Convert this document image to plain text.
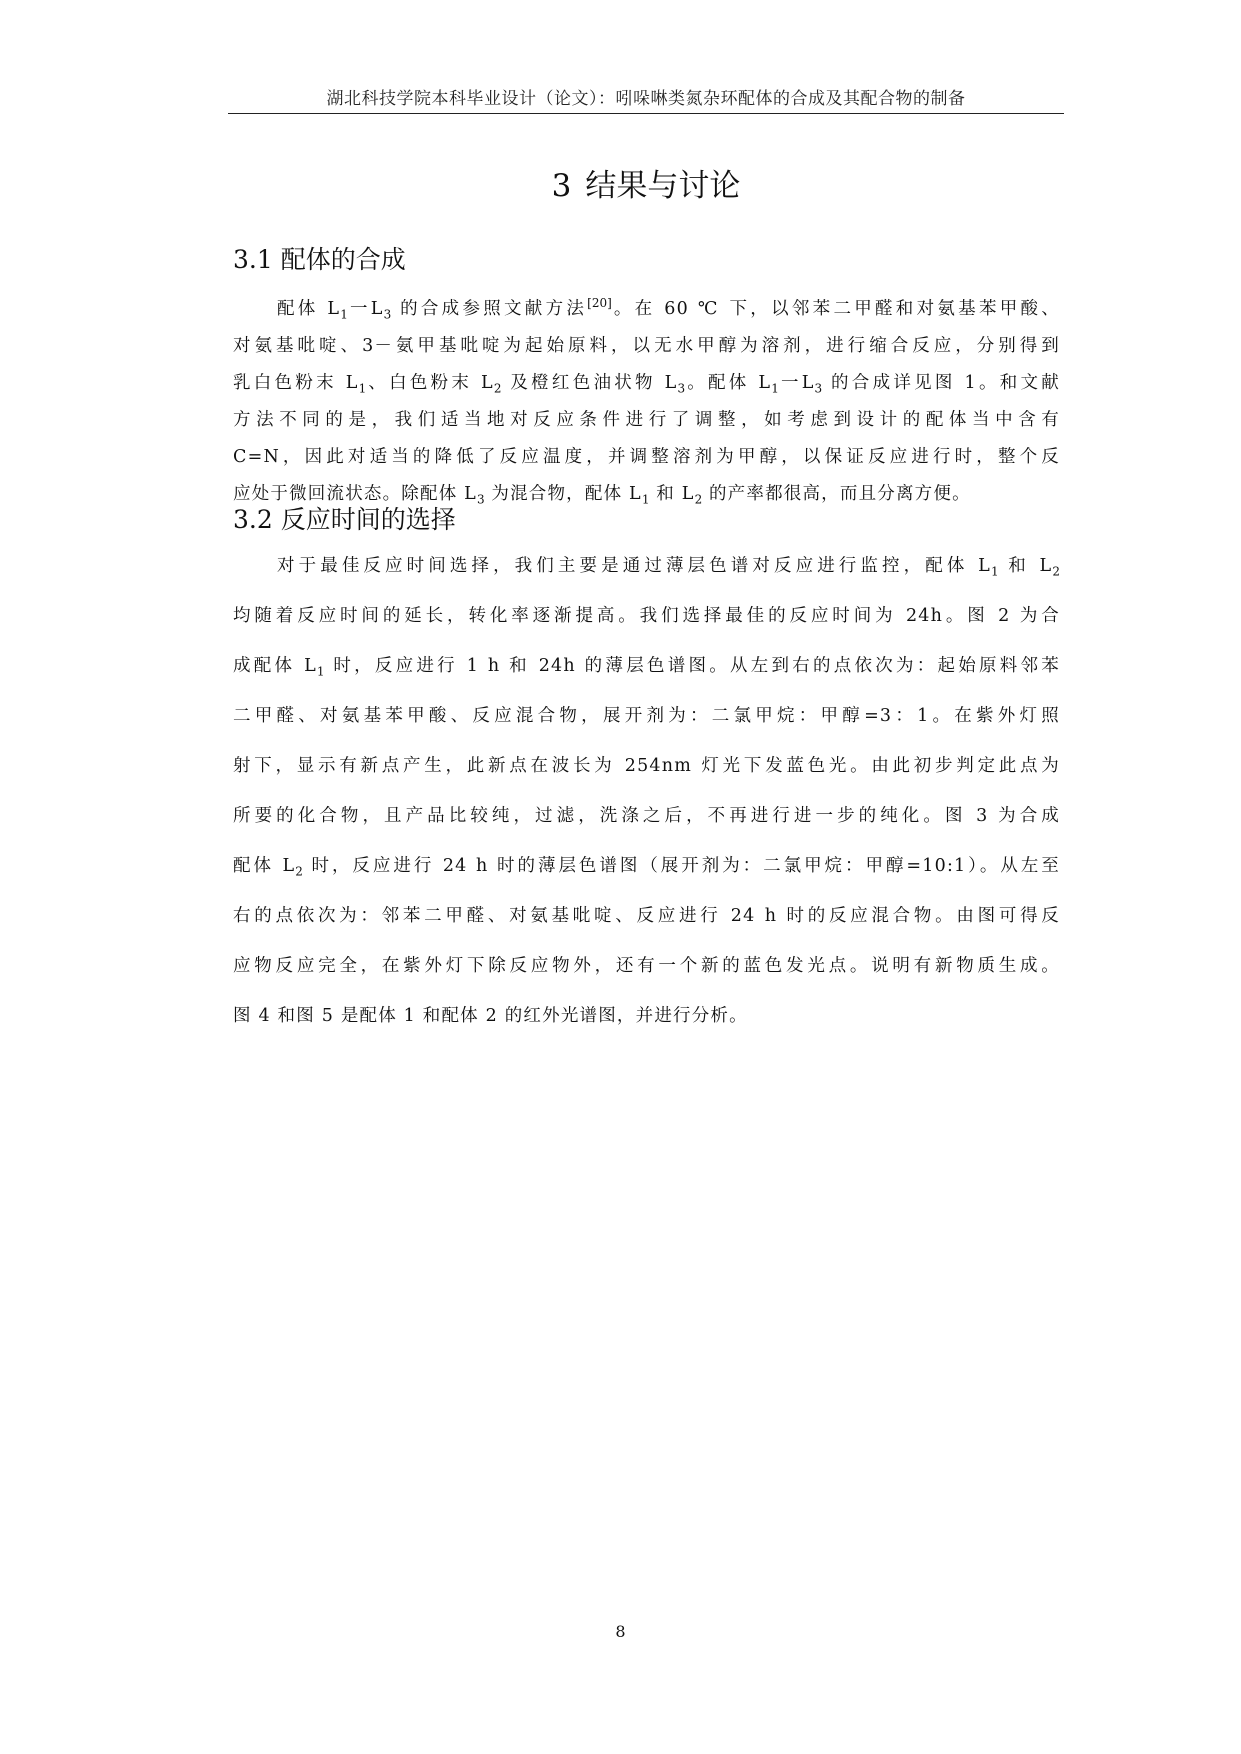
湖北科技学院本科毕业设计（论文）：吲哚啉类氮杂环配体的合成及其配合物的制备
3 结果与讨论
3.1 配体的合成
配体 $L_1$一$L_3$ 的合成参照文献方法[20]。在 60 ℃ 下，以邻苯二甲醛和对氨基苯甲酸、
对氨基吡啶、3－氨甲基吡啶为起始原料，以无水甲醇为溶剂，进行缩合反应，分别得到
乳白色粉末 $L_1$、白色粉末 $L_2$ 及橙红色油状物 $L_3$。配体 $L_1$一$L_3$ 的合成详见图 1。和文献
方法不同的是，我们适当地对反应条件进行了调整，如考虑到设计的配体当中含有
C=N，因此对适当的降低了反应温度，并调整溶剂为甲醇，以保证反应进行时，整个反
应处于微回流状态。除配体 $L_3$ 为混合物，配体 $L_1$ 和 $L_2$ 的产率都很高，而且分离方便。
3.2 反应时间的选择
对于最佳反应时间选择，我们主要是通过薄层色谱对反应进行监控，配体 $L_1$ 和 $L_2$
均随着反应时间的延长，转化率逐渐提高。我们选择最佳的反应时间为 24h。图 2 为合
成配体 $L_1$ 时，反应进行 1 h 和 24h 的薄层色谱图。从左到右的点依次为：起始原料邻苯
二甲醛、对氨基苯甲酸、反应混合物，展开剂为：二氯甲烷：甲醇=3：1。在紫外灯照
射下，显示有新点产生，此新点在波长为 254nm 灯光下发蓝色光。由此初步判定此点为
所要的化合物，且产品比较纯，过滤，洗涤之后，不再进行进一步的纯化。图 3 为合成
配体 $L_2$ 时，反应进行 24 h 时的薄层色谱图（展开剂为：二氯甲烷：甲醇=10:1）。从左至
右的点依次为：邻苯二甲醛、对氨基吡啶、反应进行 24 h 时的反应混合物。由图可得反
应物反应完全，在紫外灯下除反应物外，还有一个新的蓝色发光点。说明有新物质生成。
图 4 和图 5 是配体 1 和配体 2 的红外光谱图，并进行分析。
8
